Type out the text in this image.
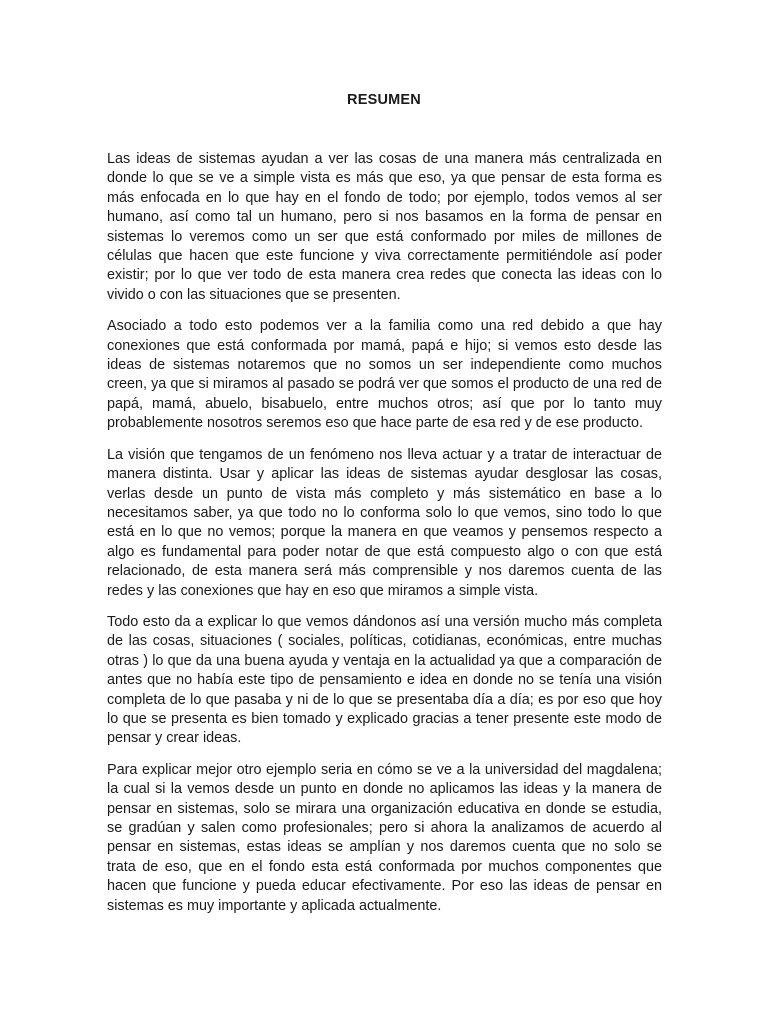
RESUMEN

Las ideas de sistemas ayudan a ver las cosas de una manera más centralizada en donde lo que se ve a simple vista es más que eso, ya que pensar de esta forma es más enfocada en lo que hay en el fondo de todo; por ejemplo, todos vemos al ser humano, así como tal un humano, pero si nos basamos en la forma de pensar en sistemas lo veremos como un ser que está conformado por miles de millones de células que hacen que este funcione y viva correctamente permitiéndole así poder existir; por lo que ver todo de esta manera crea redes que conecta las ideas con lo vivido o con las situaciones que se presenten.

Asociado a todo esto podemos ver a la familia como una red debido a que hay conexiones que está conformada por mamá, papá e hijo; si vemos esto desde las ideas de sistemas notaremos que no somos un ser independiente como muchos creen, ya que si miramos al pasado se podrá ver que somos el producto de una red de papá, mamá, abuelo, bisabuelo, entre muchos otros; así que por lo tanto muy probablemente nosotros seremos eso que hace parte de esa red y de ese producto.

La visión que tengamos de un fenómeno nos lleva actuar y a tratar de interactuar de manera distinta. Usar y aplicar las ideas de sistemas ayudar desglosar las cosas, verlas desde un punto de vista más completo y más sistemático en base a lo necesitamos saber, ya que todo no lo conforma solo lo que vemos, sino todo lo que está en lo que no vemos; porque la manera en que veamos y pensemos respecto a algo es fundamental para poder notar de que está compuesto algo o con que está relacionado, de esta manera será más comprensible y nos daremos cuenta de las redes y las conexiones que hay en eso que miramos a simple vista.

Todo esto da a explicar lo que vemos dándonos así una versión mucho más completa de las cosas, situaciones ( sociales, políticas, cotidianas, económicas, entre muchas otras ) lo que da una buena ayuda y ventaja en la actualidad ya que a comparación de antes que no había este tipo de pensamiento e idea en donde no se tenía una visión completa de lo que pasaba y ni de lo que se presentaba día a día; es por eso que hoy lo que se presenta es bien tomado y explicado gracias a tener presente este modo de pensar y crear ideas.

Para explicar mejor otro ejemplo seria en cómo se ve a la universidad del magdalena; la cual si la vemos desde un punto en donde no aplicamos las ideas y la manera de pensar en sistemas, solo se mirara una organización educativa en donde se estudia, se gradúan y salen como profesionales; pero si ahora la analizamos de acuerdo al pensar en sistemas, estas ideas se amplían y nos daremos cuenta que no solo se trata de eso, que en el fondo esta está conformada por muchos componentes que hacen que funcione y pueda educar efectivamente. Por eso las ideas de pensar en sistemas es muy importante y aplicada actualmente.
